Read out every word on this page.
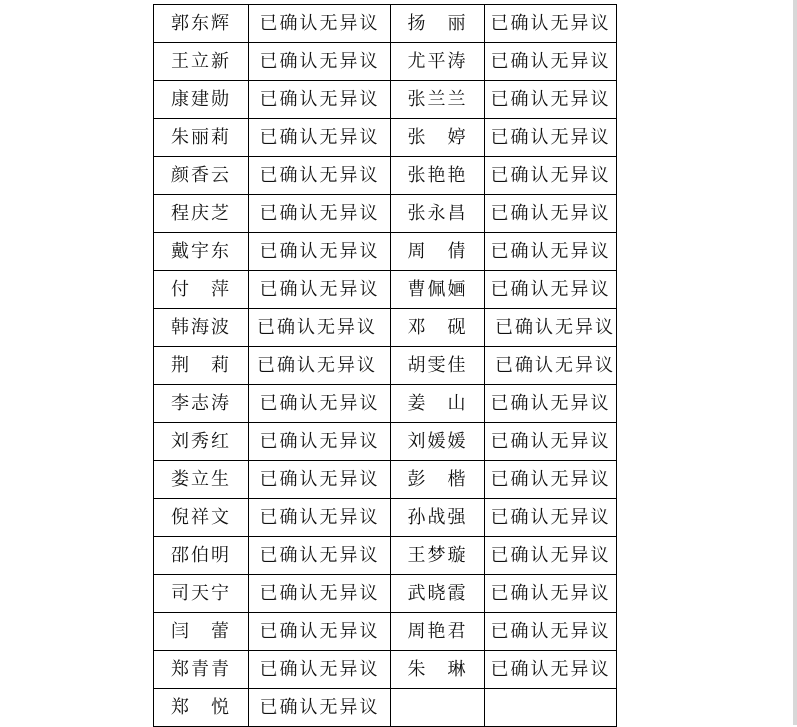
郭东辉	已确认无异议	扬　丽	已确认无异议
王立新	已确认无异议	尤平涛	已确认无异议
康建勋	已确认无异议	张兰兰	已确认无异议
朱丽莉	已确认无异议	张　婷	已确认无异议
颜香云	已确认无异议	张艳艳	已确认无异议
程庆芝	已确认无异议	张永昌	已确认无异议
戴宇东	已确认无异议	周　倩	已确认无异议
付　萍	已确认无异议	曹佩婳	已确认无异议
韩海波	已确认无异议	邓　砚	已确认无异议
荆　莉	已确认无异议	胡雯佳	已确认无异议
李志涛	已确认无异议	姜　山	已确认无异议
刘秀红	已确认无异议	刘媛媛	已确认无异议
娄立生	已确认无异议	彭　楷	已确认无异议
倪祥文	已确认无异议	孙战强	已确认无异议
邵伯明	已确认无异议	王梦璇	已确认无异议
司天宁	已确认无异议	武晓霞	已确认无异议
闫　蕾	已确认无异议	周艳君	已确认无异议
郑青青	已确认无异议	朱　琳	已确认无异议
郑　悦	已确认无异议		
